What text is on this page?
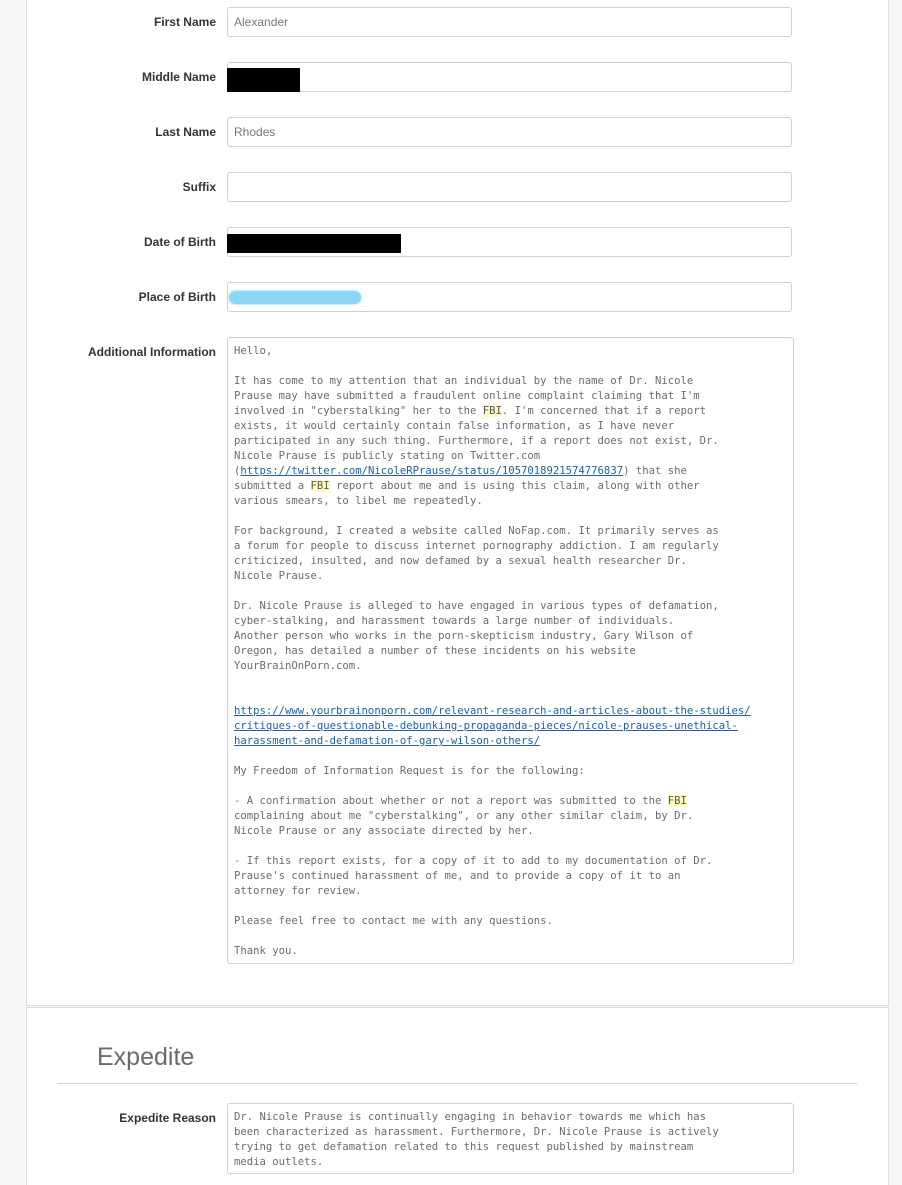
First Name	Alexander
Middle Name
Last Name	Rhodes
Suffix
Date of Birth
Place of Birth
Additional Information Hello,

It has come to my attention that an individual by the name of Dr. Nicole
Prause may have submitted a fraudulent online complaint claiming that I'm
involved in "cyberstalking" her to the FBI. I'm concerned that if a report
exists, it would certainly contain false information, as I have never
participated in any such thing. Furthermore, if a report does not exist, Dr.
Nicole Prause is publicly stating on Twitter.com
(https://twitter.com/NicoleRPrause/status/1057018921574776837) that she
submitted a FBI report about me and is using this claim, along with other
various smears, to libel me repeatedly.

For background, I created a website called NoFap.com. It primarily serves as
a forum for people to discuss internet pornography addiction. I am regularly
criticized, insulted, and now defamed by a sexual health researcher Dr.
Nicole Prause.

Dr. Nicole Prause is alleged to have engaged in various types of defamation,
cyber-stalking, and harassment towards a large number of individuals.
Another person who works in the porn-skepticism industry, Gary Wilson of
Oregon, has detailed a number of these incidents on his website
YourBrainOnPorn.com.

https://www.yourbrainonporn.com/relevant-research-and-articles-about-the-studies/
critiques-of-questionable-debunking-propaganda-pieces/nicole-prauses-unethical-
harassment-and-defamation-of-gary-wilson-others/

My Freedom of Information Request is for the following:

- A confirmation about whether or not a report was submitted to the FBI
complaining about me "cyberstalking", or any other similar claim, by Dr.
Nicole Prause or any associate directed by her.

- If this report exists, for a copy of it to add to my documentation of Dr.
Prause's continued harassment of me, and to provide a copy of it to an
attorney for review.

Please feel free to contact me with any questions.

Thank you.

Expedite
Expedite Reason Dr. Nicole Prause is continually engaging in behavior towards me which has
been characterized as harassment. Furthermore, Dr. Nicole Prause is actively
trying to get defamation related to this request published by mainstream
media outlets.
